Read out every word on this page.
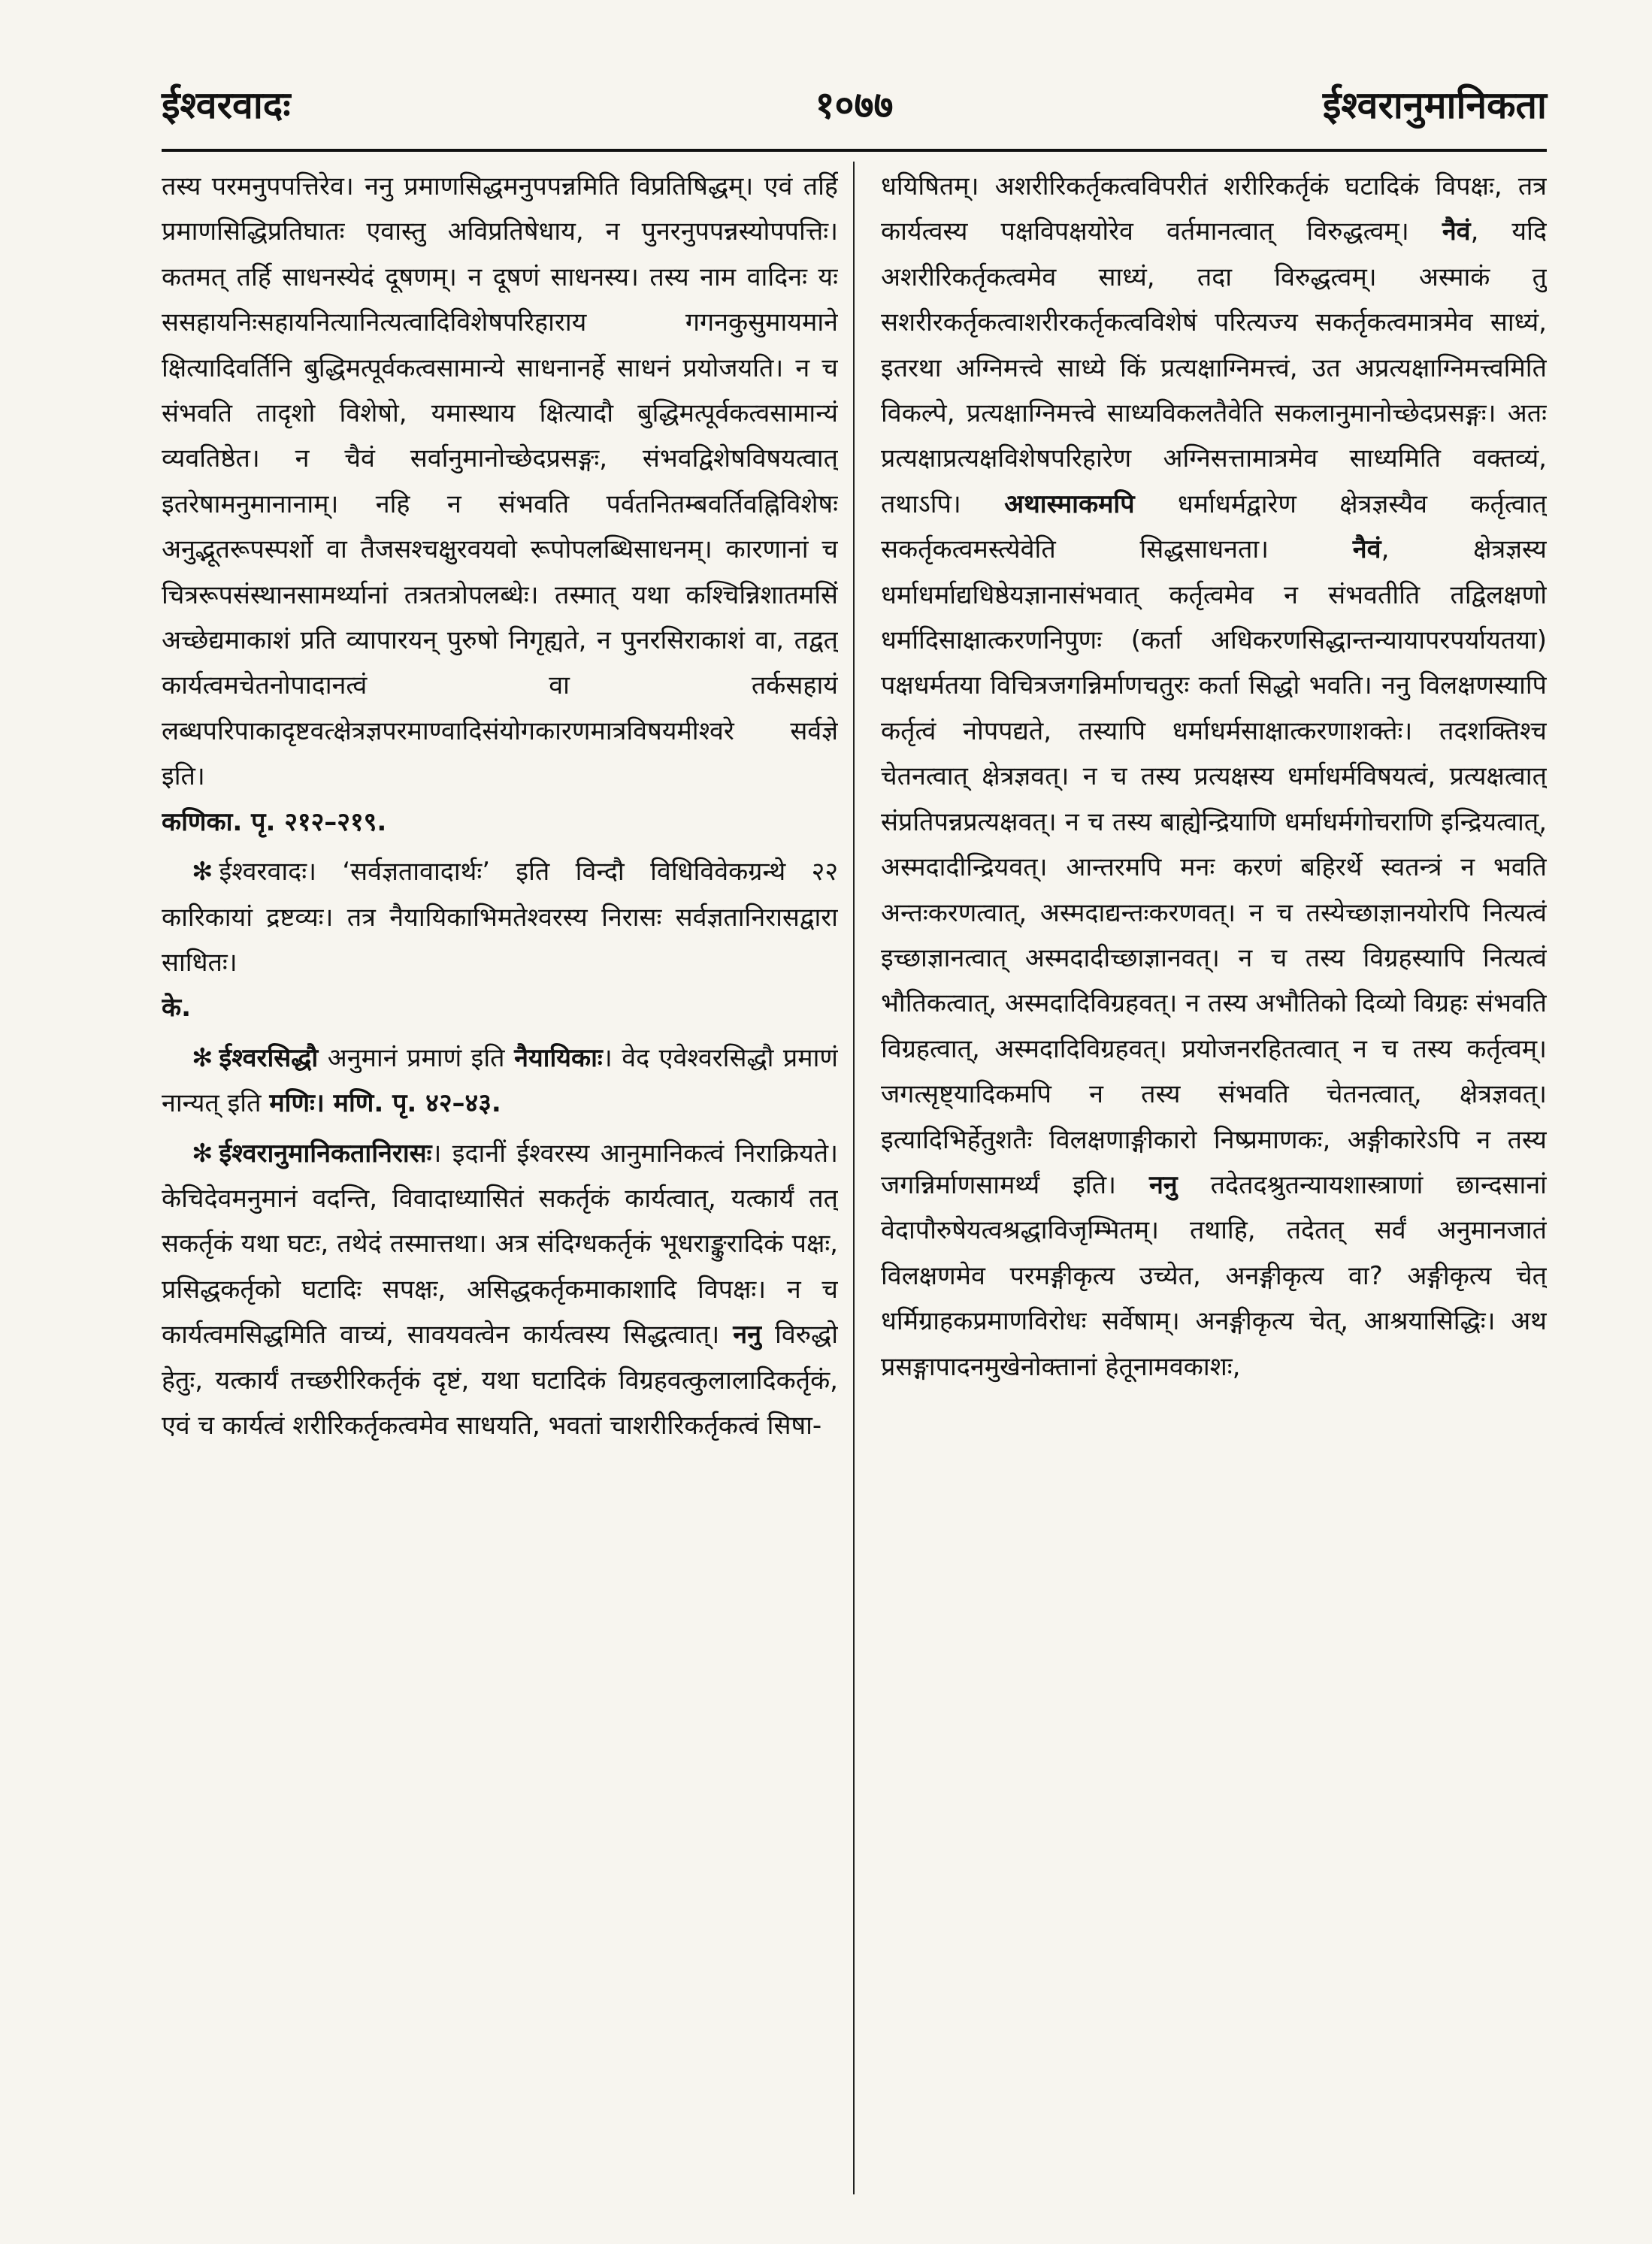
१०७७
ईश्वरवादः	ईश्वरानुमानिकता

तस्य परमनुपपत्तिरेव। ननु प्रमाणसिद्धमनुपपन्नमिति विप्रतिषिद्धम्। एवं तर्हि प्रमाणसिद्धिप्रतिघातः एवास्तु अविप्रतिषेधाय, न पुनरनुपपन्नस्योपपत्तिः। कतमत् तर्हि साधनस्येदं दूषणम्। न दूषणं साधनस्य। तस्य नाम वादिनः यः ससहायनिःसहायनित्यानित्यत्वादिविशेषपरिहाराय गगनकुसुमायमाने क्षित्यादिवर्तिनि बुद्धिमत्पूर्वकत्वसामान्ये साधनानर्हे साधनं प्रयोजयति। न च संभवति तादृशो विशेषो, यमास्थाय क्षित्यादौ बुद्धिमत्पूर्वकत्वसामान्यं व्यवतिष्ठेत। न चैवं सर्वानुमानोच्छेदप्रसङ्गः, संभवद्विशेषविषयत्वात् इतरेषामनुमानानाम्। नहि न संभवति पर्वतनितम्बवर्तिवह्निविशेषः अनुद्भूतरूपस्पर्शो वा तैजसश्चक्षुरवयवो रूपोपलब्धिसाधनम्। कारणानां च चित्ररूपसंस्थानसामर्थ्यानां तत्रतत्रोपलब्धेः। तस्मात् यथा कश्चिन्निशातमसिं अच्छेद्यमाकाशं प्रति व्यापारयन् पुरुषो निगृह्यते, न पुनरसिराकाशं वा, तद्वत् कार्यत्वमचेतनोपादानत्वं वा तर्कसहायं लब्धपरिपाकादृष्टवत्क्षेत्रज्ञपरमाण्वादिसंयोगकारणमात्रविषयमीश्वरे सर्वज्ञे इति।
कणिका. पृ. २१२–२१९.

✻ ईश्वरवादः। ‘सर्वज्ञतावादार्थः’ इति विन्दौ विधिविवेकग्रन्थे २२ कारिकायां द्रष्टव्यः। तत्र नैयायिकाभिमतेश्वरस्य निरासः सर्वज्ञतानिरासद्वारा साधितः।
के.

✻ ईश्वरसिद्धौ अनुमानं प्रमाणं इति नैयायिकाः। वेद एवेश्वरसिद्धौ प्रमाणं नान्यत् इति मणिः। मणि. पृ. ४२–४३.

✻ ईश्वरानुमानिकतानिरासः। इदानीं ईश्वरस्य आनुमानिकत्वं निराक्रियते। केचिदेवमनुमानं वदन्ति, विवादाध्यासितं सकर्तृकं कार्यत्वात्, यत्कार्यं तत् सकर्तृकं यथा घटः, तथेदं तस्मात्तथा। अत्र संदिग्धकर्तृकं भूधराङ्कुरादिकं पक्षः, प्रसिद्धकर्तृको घटादिः सपक्षः, असिद्धकर्तृकमाकाशादि विपक्षः। न च कार्यत्वमसिद्धमिति वाच्यं, सावयवत्वेन कार्यत्वस्य सिद्धत्वात्। ननु विरुद्धो हेतुः, यत्कार्यं तच्छरीरिकर्तृकं दृष्टं, यथा घटादिकं विग्रहवत्कुलालादिकर्तृकं, एवं च कार्यत्वं शरीरिकर्तृकत्वमेव साधयति, भवतां चाशरीरिकर्तृकत्वं सिषा-

धयिषितम्। अशरीरिकर्तृकत्वविपरीतं शरीरिकर्तृकं घटादिकं विपक्षः, तत्र कार्यत्वस्य पक्षविपक्षयोरेव वर्तमानत्वात् विरुद्धत्वम्। नैवं, यदि अशरीरिकर्तृकत्वमेव साध्यं, तदा विरुद्धत्वम्। अस्माकं तु सशरीरकर्तृकत्वाशरीरकर्तृकत्वविशेषं परित्यज्य सकर्तृकत्वमात्रमेव साध्यं, इतरथा अग्निमत्त्वे साध्ये किं प्रत्यक्षाग्निमत्त्वं, उत अप्रत्यक्षाग्निमत्त्वमिति विकल्पे, प्रत्यक्षाग्निमत्त्वे साध्यविकलतैवेति सकलानुमानोच्छेदप्रसङ्गः। अतः प्रत्यक्षाप्रत्यक्षविशेषपरिहारेण अग्निसत्तामात्रमेव साध्यमिति वक्तव्यं, तथाऽपि। अथास्माकमपि धर्माधर्मद्वारेण क्षेत्रज्ञस्यैव कर्तृत्वात् सकर्तृकत्वमस्त्येवेति सिद्धसाधनता।	नैवं, क्षेत्रज्ञस्य धर्माधर्माद्यधिष्ठेयज्ञानासंभवात् कर्तृत्वमेव न संभवतीति तद्विलक्षणो धर्मादिसाक्षात्करणनिपुणः (कर्ता अधिकरणसिद्धान्तन्यायापरपर्यायतया) पक्षधर्मतया विचित्रजगन्निर्माणचतुरः कर्ता सिद्धो भवति। ननु विलक्षणस्यापि कर्तृत्वं नोपपद्यते, तस्यापि धर्माधर्मसाक्षात्करणाशक्तेः। तदशक्तिश्च चेतनत्वात् क्षेत्रज्ञवत्। न च तस्य प्रत्यक्षस्य धर्माधर्मविषयत्वं, प्रत्यक्षत्वात् संप्रतिपन्नप्रत्यक्षवत्। न च तस्य बाह्येन्द्रियाणि धर्माधर्मगोचराणि इन्द्रियत्वात्, अस्मदादीन्द्रियवत्। आन्तरमपि मनः करणं बहिरर्थे स्वतन्त्रं न भवति अन्तःकरणत्वात्, अस्मदाद्यन्तःकरणवत्। न च तस्येच्छाज्ञानयोरपि नित्यत्वं इच्छाज्ञानत्वात् अस्मदादीच्छाज्ञानवत्। न च तस्य विग्रहस्यापि नित्यत्वं भौतिकत्वात्, अस्मदादिविग्रहवत्। न तस्य अभौतिको दिव्यो विग्रहः संभवति विग्रहत्वात्, अस्मदादिविग्रहवत्। प्रयोजनरहितत्वात् न च तस्य कर्तृत्वम्। जगत्सृष्ट्यादिकमपि न तस्य संभवति चेतनत्वात्, क्षेत्रज्ञवत्। इत्यादिभिर्हेतुशतैः विलक्षणाङ्गीकारो निष्प्रमाणकः, अङ्गीकारेऽपि न तस्य जगन्निर्माणसामर्थ्यं इति। ननु तदेतदश्रुतन्यायशास्त्राणां छान्दसानां वेदापौरुषेयत्वश्रद्धाविजृम्भितम्। तथाहि, तदेतत् सर्वं अनुमानजातं विलक्षणमेव परमङ्गीकृत्य उच्येत, अनङ्गीकृत्य वा? अङ्गीकृत्य चेत् धर्मिग्राहकप्रमाणविरोधः सर्वेषाम्। अनङ्गीकृत्य चेत्, आश्रयासिद्धिः। अथ प्रसङ्गापादनमुखेनोक्तानां हेतूनामवकाशः,
